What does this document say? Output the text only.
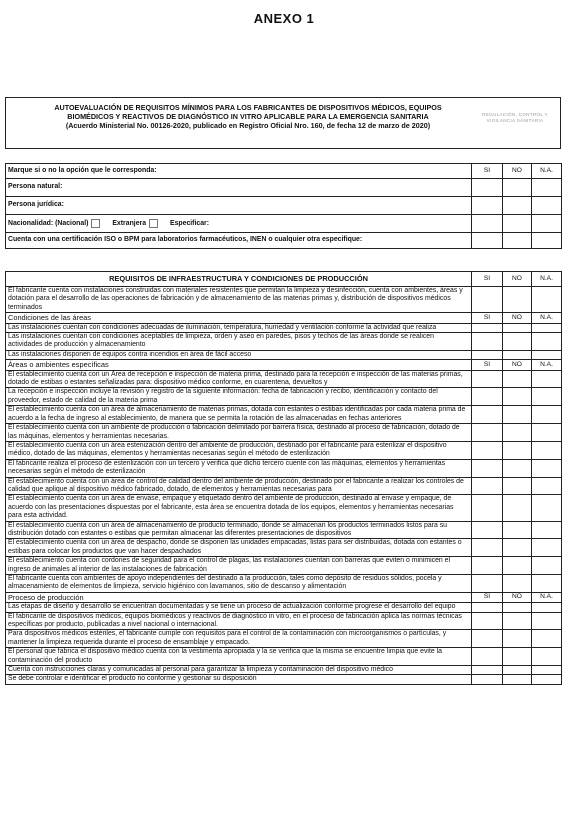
ANEXO 1
AUTOEVALUACIÓN DE REQUISITOS MÍNIMOS PARA LOS FABRICANTES DE DISPOSITIVOS MÉDICOS, EQUIPOS
BIOMÉDICOS Y REACTIVOS DE DIAGNÓSTICO IN VITRO APLICABLE PARA LA EMERGENCIA SANITARIA
(Acuerdo Ministerial No. 00126-2020, publicado en Registro Oficial Nro. 160, de fecha 12 de marzo de 2020)
REGULACIÓN, CONTROL Y VIGILANCIA SANITARIA
Marque si o no la opción que le corresponda:	SI	NO	N.A.
Persona natural:			
Persona jurídica:			
Nacionalidad: (Nacional) Extranjera Especificar:			
Cuenta con una certificación ISO o BPM para laboratorios farmacéuticos, INEN o cualquier otra especifique:			
REQUISITOS DE INFRAESTRUCTURA Y CONDICIONES DE PRODUCCIÓN	SI	NO	N.A.
El fabricante cuenta con instalaciones construidas con materiales resistentes que permitan la limpieza y desinfección, cuenta con ambientes, áreas y dotación para el desarrollo de las operaciones de fabricación y de almacenamiento de las materias primas y, distribución de dispositivos médicos terminados			
Condiciones de las áreas	SI	NO	N.A.
Las instalaciones cuentan con condiciones adecuadas de iluminación, temperatura, humedad y ventilación conforme la actividad que realiza			
Las instalaciones cuentan con condiciones aceptables de limpieza, orden y aseo en paredes, pisos y techos de las áreas donde se realicen actividades de producción y almacenamiento			
Las instalaciones disponen de equipos contra incendios en área de fácil acceso			
Áreas o ambientes específicas	SI	NO	N.A.
El establecimiento cuenta con un Área de recepción e inspección de materia prima, destinado para la recepción e inspección de las materias primas, dotado de estibas o estantes señalizadas para: dispositivo médico conforme, en cuarentena, devueltos y			
La recepción e inspección incluye la revisión y registro de la siguiente información: fecha de fabricación y recibo, identificación y contacto del proveedor, estado de calidad de la materia prima			
El establecimiento cuenta con un área de almacenamiento de materias primas, dotada con estantes o estibas identificadas por cada materia prima de acuerdo a la fecha de ingreso al establecimiento, de manera que se permita la rotación de las almacenadas en fechas anteriores			
El establecimiento cuenta con un ambiente de producción o fabricación delimitado por barrera física, destinado al proceso de fabricación, dotado de las máquinas, elementos y herramientas necesarias.			
El establecimiento cuenta con un área estenización dentro del ambiente de producción, destinado por el fabricante para esterilizar el dispositivo médico, dotado de las máquinas, elementos y herramientas necesarias según el método de esterilización			
El fabricante realiza el proceso de esterilización con un tercero y verifica que dicho tercero cuente con las máquinas, elementos y herramientas necesarias según el método de esterilización			
El establecimiento cuenta con un área de control de calidad dentro del ambiente de producción, destinado por el fabricante a realizar los controles de calidad que aplique al dispositivo médico fabricado, dotado, de elementos y herramientas necesarias para			
El establecimiento cuenta con un área de envase, empaque y etiquetado dentro del ambiente de producción, destinado al envase y empaque, de acuerdo con las presentaciones dispuestas por el fabricante, esta área se encuentra dotada de los equipos, elementos y herramientas necesarias para esta actividad.			
El establecimiento cuenta con un área de almacenamiento de producto terminado, donde se almacenan los productos terminados listos para su distribución dotado con estantes o estibas que permitan almacenar las diferentes presentaciones de dispositivos			
El establecimiento cuenta con un área de despacho, donde se disponen las unidades empacadas, listas para ser distribuidas, dotada con estantes o estibas para colocar los productos que van hacer despachados			
El establecimiento cuenta con cordones de seguridad para el control de plagas, las instalaciones cuentan con barreras que eviten o minimicen el ingreso de animales al interior de las instalaciones de fabricación			
El fabricante cuenta con ambientes de apoyo independientes del destinado a la producción, tales como depósito de residuos sólidos, pocela y almacenamiento de elementos de limpieza, servicio higiénico con lavamanos, sitio de descanso y alimentación			
Proceso de producción	SI	NO	N.A.
Las etapas de diseño y desarrollo se encuentran documentadas y se tiene un proceso de actualización conforme progrese el desarrollo del equipo			
El fabricante de dispositivos médicos, equipos biomédicos y reactivos de diagnóstico in vitro, en el proceso de fabricación aplica las normas técnicas específicas por producto, publicadas a nivel nacional o internacional.			
Para dispositivos médicos estériles, el fabricante cumple con requisitos para el control de la contaminación con microorganismos o partículas, y mantener la limpieza requerida durante el proceso de ensamblaje y empacado.			
El personal que fabrica el dispositivo médico cuenta con la vestimenta apropiada y la se verifica que la misma se encuentre limpia que evite la contaminación del producto			
Cuenta con instrucciones claras y comunicadas al personal para garantizar la limpieza y contaminación del dispositivo médico			
Se debe controlar e identificar el producto no conforme y gestionar su disposición			
